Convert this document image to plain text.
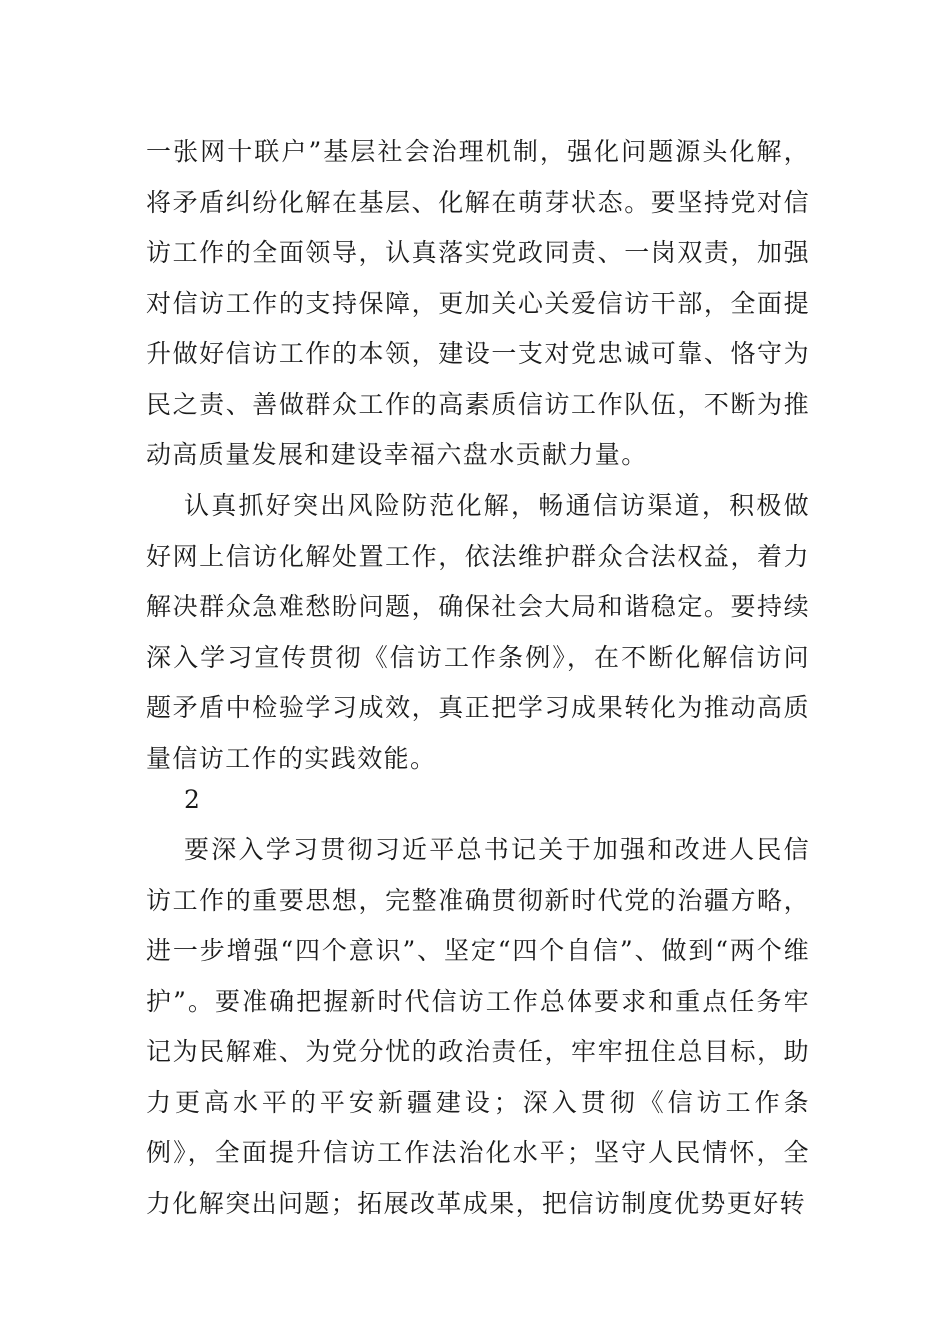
一张网十联户”基层社会治理机制，强化问题源头化解，将矛盾纠纷化解在基层、化解在萌芽状态。要坚持党对信访工作的全面领导，认真落实党政同责、一岗双责，加强对信访工作的支持保障，更加关心关爱信访干部，全面提升做好信访工作的本领，建设一支对党忠诚可靠、恪守为民之责、善做群众工作的高素质信访工作队伍，不断为推动高质量发展和建设幸福六盘水贡献力量。

认真抓好突出风险防范化解，畅通信访渠道，积极做好网上信访化解处置工作，依法维护群众合法权益，着力解决群众急难愁盼问题，确保社会大局和谐稳定。要持续深入学习宣传贯彻《信访工作条例》，在不断化解信访问题矛盾中检验学习成效，真正把学习成果转化为推动高质量信访工作的实践效能。

2

要深入学习贯彻习近平总书记关于加强和改进人民信访工作的重要思想，完整准确贯彻新时代党的治疆方略，进一步增强“四个意识”、坚定“四个自信”、做到“两个维护”。要准确把握新时代信访工作总体要求和重点任务牢记为民解难、为党分忧的政治责任，牢牢扭住总目标，助力更高水平的平安新疆建设；深入贯彻《信访工作条例》，全面提升信访工作法治化水平；坚守人民情怀，全力化解突出问题；拓展改革成果，把信访制度优势更好转
